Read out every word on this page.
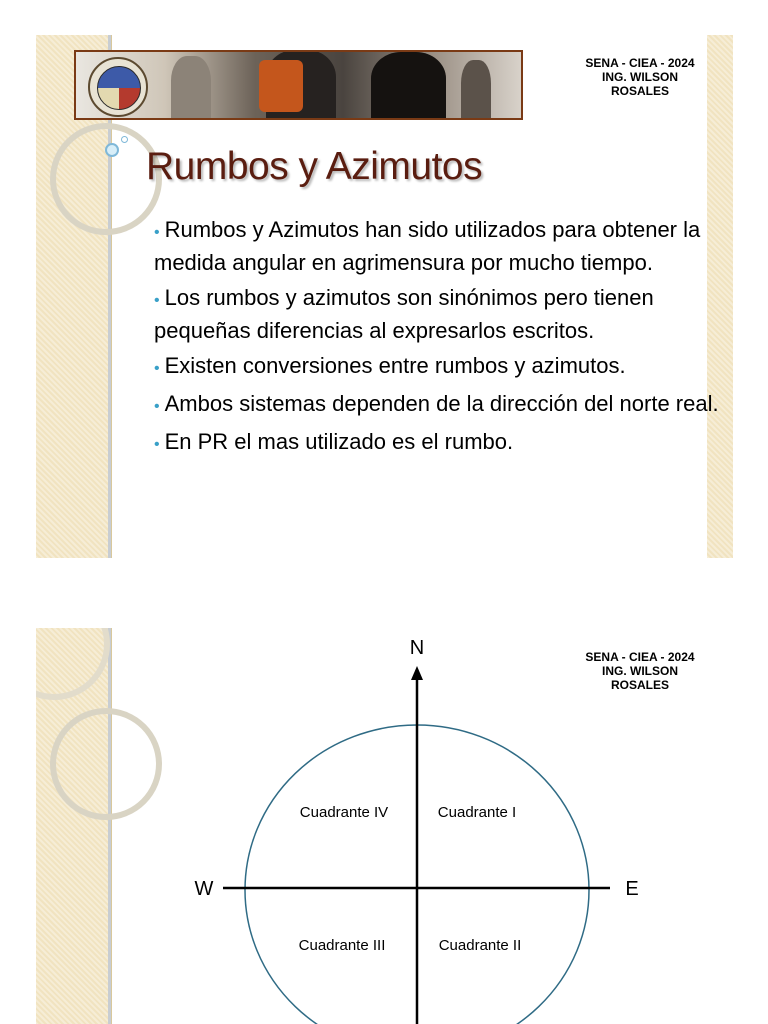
SENA - CIEA - 2024
ING. WILSON
ROSALES
Rumbos y Azimutos
• Rumbos y Azimutos han sido utilizados para obtener la medida angular en agrimensura por mucho tiempo.
• Los rumbos y azimutos son sinónimos pero tienen pequeñas diferencias al expresarlos escritos.
• Existen conversiones entre rumbos y azimutos.
• Ambos sistemas dependen de la dirección del norte real.
• En PR el mas utilizado es el rumbo.
SENA - CIEA - 2024
ING. WILSON
ROSALES
N
W	E
Cuadrante IV	Cuadrante I
Cuadrante III	Cuadrante II
